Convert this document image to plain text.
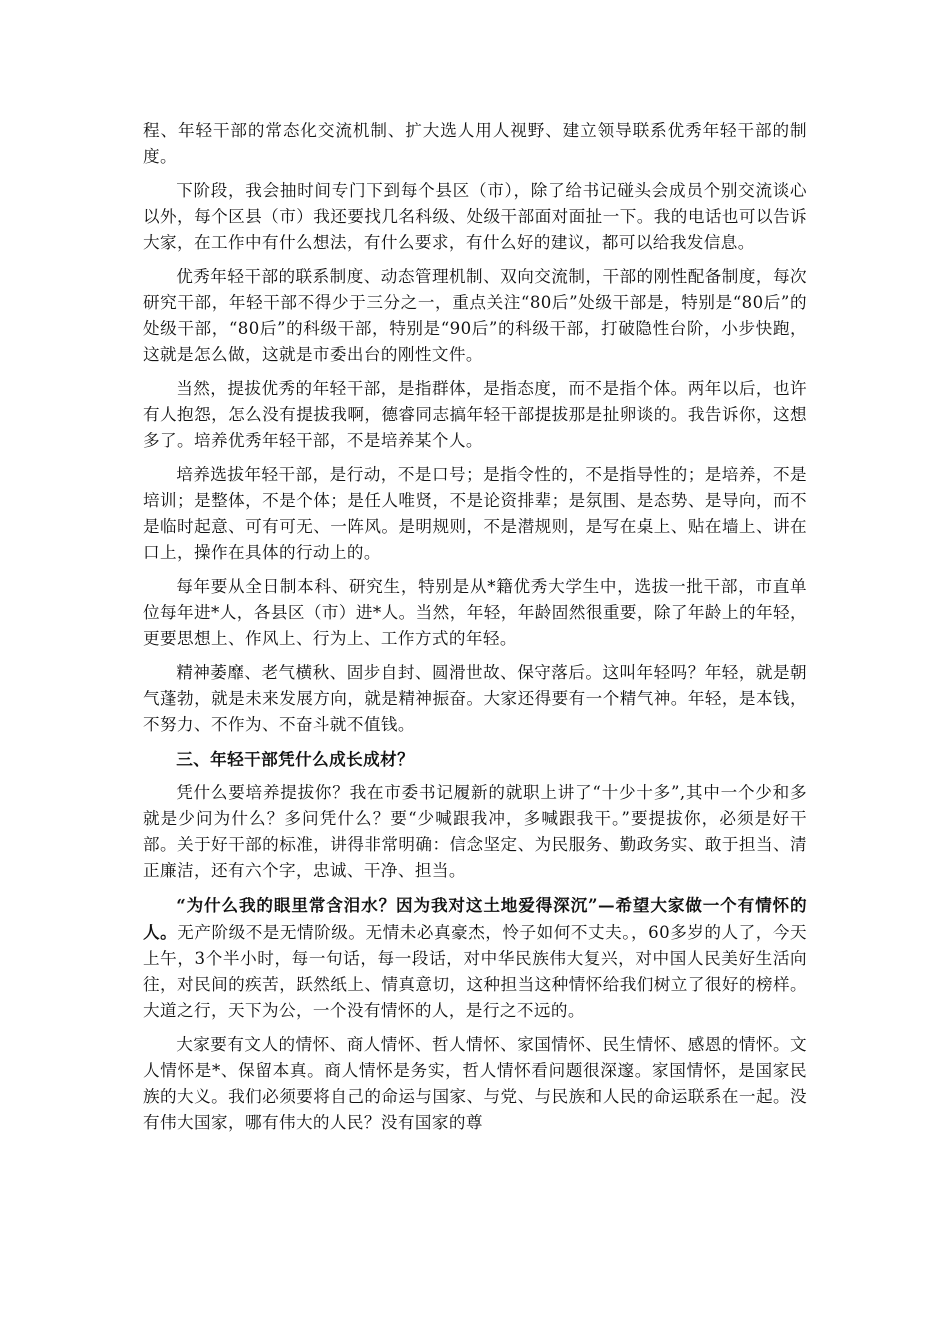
程、年轻干部的常态化交流机制、扩大选人用人视野、建立领导联系优秀年轻干部的制度。

下阶段，我会抽时间专门下到每个县区（市），除了给书记碰头会成员个别交流谈心以外，每个区县（市）我还要找几名科级、处级干部面对面扯一下。我的电话也可以告诉大家，在工作中有什么想法，有什么要求，有什么好的建议，都可以给我发信息。

优秀年轻干部的联系制度、动态管理机制、双向交流制，干部的刚性配备制度，每次研究干部，年轻干部不得少于三分之一，重点关注“80后”处级干部是，特别是“80后”的处级干部，“80后”的科级干部，特别是“90后”的科级干部，打破隐性台阶，小步快跑，这就是怎么做，这就是市委出台的刚性文件。

当然，提拔优秀的年轻干部，是指群体，是指态度，而不是指个体。两年以后，也许有人抱怨，怎么没有提拔我啊，德睿同志搞年轻干部提拔那是扯卵谈的。我告诉你，这想多了。培养优秀年轻干部，不是培养某个人。

培养选拔年轻干部，是行动，不是口号；是指令性的，不是指导性的；是培养，不是培训；是整体，不是个体；是任人唯贤，不是论资排辈；是氛围、是态势、是导向，而不是临时起意、可有可无、一阵风。是明规则，不是潜规则，是写在桌上、贴在墙上、讲在口上，操作在具体的行动上的。

每年要从全日制本科、研究生，特别是从*籍优秀大学生中，选拔一批干部，市直单位每年进*人，各县区（市）进*人。当然，年轻，年龄固然很重要，除了年龄上的年轻，更要思想上、作风上、行为上、工作方式的年轻。

精神萎靡、老气横秋、固步自封、圆滑世故、保守落后。这叫年轻吗？年轻，就是朝气蓬勃，就是未来发展方向，就是精神振奋。大家还得要有一个精气神。年轻，是本钱，不努力、不作为、不奋斗就不值钱。

三、年轻干部凭什么成长成材？

凭什么要培养提拔你？我在市委书记履新的就职上讲了“十少十多”,其中一个少和多就是少问为什么？多问凭什么？要“少喊跟我冲，多喊跟我干。”要提拔你，必须是好干部。关于好干部的标准，讲得非常明确：信念坚定、为民服务、勤政务实、敢于担当、清正廉洁，还有六个字，忠诚、干净、担当。

“为什么我的眼里常含泪水？因为我对这土地爱得深沉”—希望大家做一个有情怀的人。无产阶级不是无情阶级。无情未必真豪杰，怜子如何不丈夫。，60多岁的人了，今天上午，3个半小时，每一句话，每一段话，对中华民族伟大复兴，对中国人民美好生活向往，对民间的疾苦，跃然纸上、情真意切，这种担当这种情怀给我们树立了很好的榜样。大道之行，天下为公，一个没有情怀的人，是行之不远的。

大家要有文人的情怀、商人情怀、哲人情怀、家国情怀、民生情怀、感恩的情怀。文人情怀是*、保留本真。商人情怀是务实，哲人情怀看问题很深邃。家国情怀，是国家民族的大义。我们必须要将自己的命运与国家、与党、与民族和人民的命运联系在一起。没有伟大国家，哪有伟大的人民？没有国家的尊
